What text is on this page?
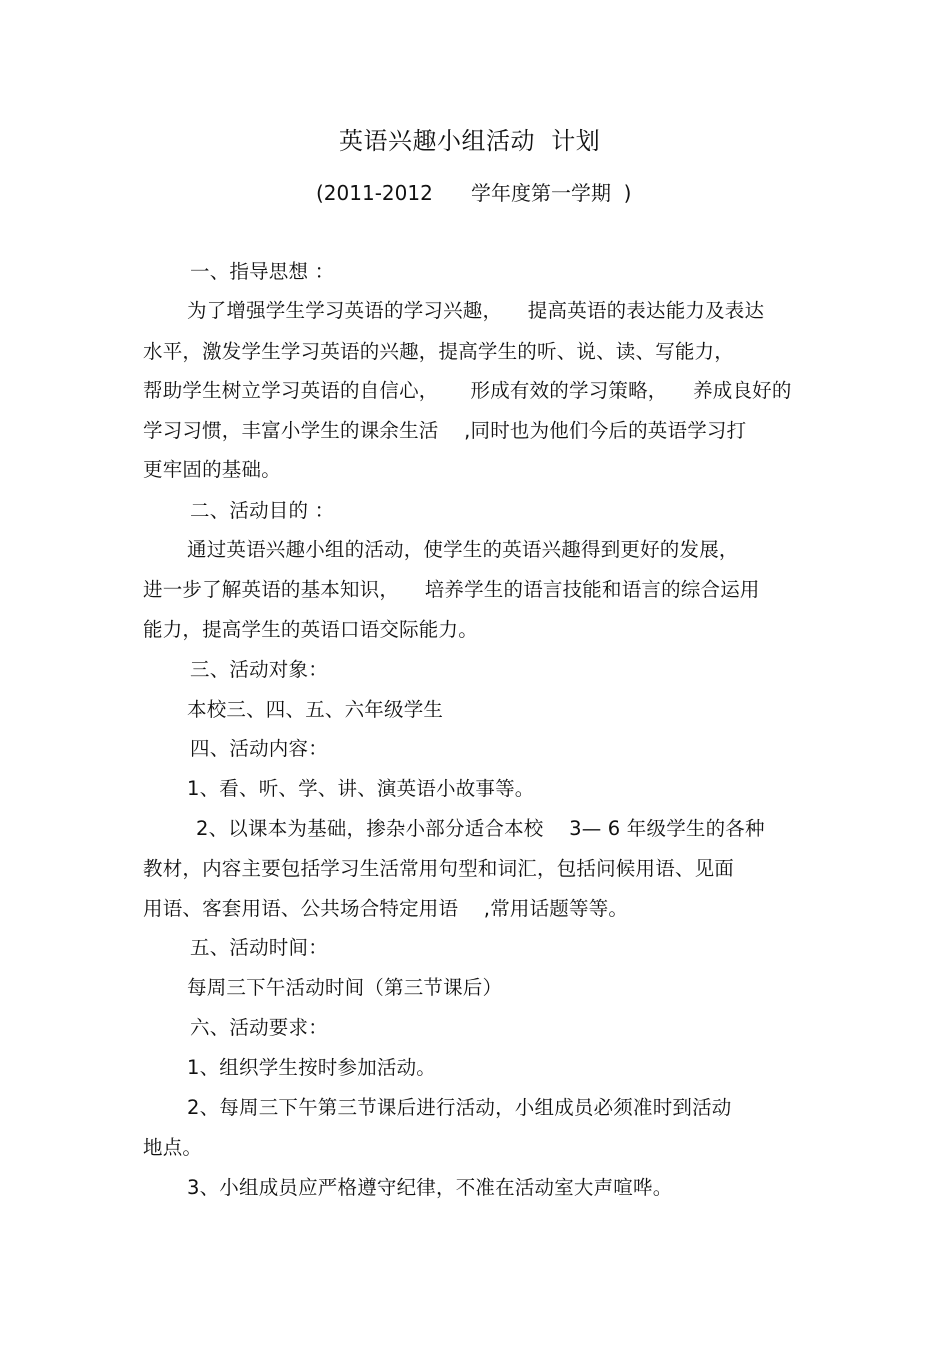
英语兴趣小组活动  计划
(2011-2012      学年度第一学期  )
一、指导思想 ：
为了增强学生学习英语的学习兴趣，    提高英语的表达能力及表达
水平，激发学生学习英语的兴趣，提高学生的听、说、读、写能力，
帮助学生树立学习英语的自信心，     形成有效的学习策略，    养成良好的
学习习惯，丰富小学生的课余生活    ,同时也为他们今后的英语学习打
更牢固的基础。
二、活动目的 ：
通过英语兴趣小组的活动，使学生的英语兴趣得到更好的发展，
进一步了解英语的基本知识，    培养学生的语言技能和语言的综合运用
能力，提高学生的英语口语交际能力。
三、活动对象：
本校三、四、五、六年级学生
四、活动内容：
1、看、听、学、讲、演英语小故事等。
2、以课本为基础，掺杂小部分适合本校    3— 6 年级学生的各种
教材，内容主要包括学习生活常用句型和词汇，包括问候用语、见面
用语、客套用语、公共场合特定用语    ,常用话题等等。
五、活动时间：
每周三下午活动时间（第三节课后）
六、活动要求：
1、组织学生按时参加活动。
2、每周三下午第三节课后进行活动，小组成员必须准时到活动
地点。
3、小组成员应严格遵守纪律，不准在活动室大声喧哗。
